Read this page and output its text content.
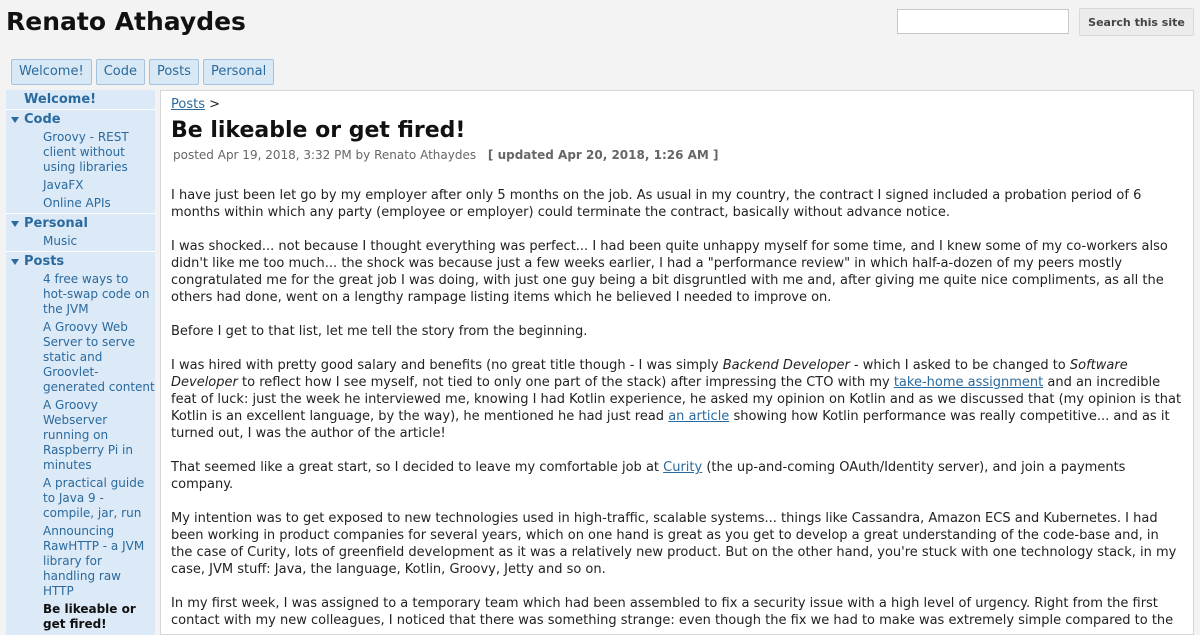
Renato Athaydes	Search this site
Welcome!	Code	Posts	Personal
Welcome!
Code
Groovy - REST client without using libraries
JavaFX
Online APIs
Personal
Music
Posts
4 free ways to hot-swap code on the JVM
A Groovy Web Server to serve static and Groovlet-generated content
A Groovy Webserver running on Raspberry Pi in minutes
A practical guide to Java 9 - compile, jar, run
Announcing RawHTTP - a JVM library for handling raw HTTP
Be likeable or get fired!
Posts >
Be likeable or get fired!
posted Apr 19, 2018, 3:32 PM by Renato Athaydes [ updated Apr 20, 2018, 1:26 AM ]

I have just been let go by my employer after only 5 months on the job. As usual in my country, the contract I signed included a probation period of 6 months within which any party (employee or employer) could terminate the contract, basically without advance notice.

I was shocked... not because I thought everything was perfect... I had been quite unhappy myself for some time, and I knew some of my co-workers also didn't like me too much... the shock was because just a few weeks earlier, I had a "performance review" in which half-a-dozen of my peers mostly congratulated me for the great job I was doing, with just one guy being a bit disgruntled with me and, after giving me quite nice compliments, as all the others had done, went on a lengthy rampage listing items which he believed I needed to improve on.

Before I get to that list, let me tell the story from the beginning.

I was hired with pretty good salary and benefits (no great title though - I was simply Backend Developer - which I asked to be changed to Software Developer to reflect how I see myself, not tied to only one part of the stack) after impressing the CTO with my take-home assignment and an incredible feat of luck: just the week he interviewed me, knowing I had Kotlin experience, he asked my opinion on Kotlin and as we discussed that (my opinion is that Kotlin is an excellent language, by the way), he mentioned he had just read an article showing how Kotlin performance was really competitive... and as it turned out, I was the author of the article!

That seemed like a great start, so I decided to leave my comfortable job at Curity (the up-and-coming OAuth/Identity server), and join a payments company.

My intention was to get exposed to new technologies used in high-traffic, scalable systems... things like Cassandra, Amazon ECS and Kubernetes. I had been working in product companies for several years, which on one hand is great as you get to develop a great understanding of the code-base and, in the case of Curity, lots of greenfield development as it was a relatively new product. But on the other hand, you're stuck with one technology stack, in my case, JVM stuff: Java, the language, Kotlin, Groovy, Jetty and so on.

In my first week, I was assigned to a temporary team which had been assembled to fix a security issue with a high level of urgency. Right from the first contact with my new colleagues, I noticed that there was something strange: even though the fix we had to make was extremely simple compared to the
